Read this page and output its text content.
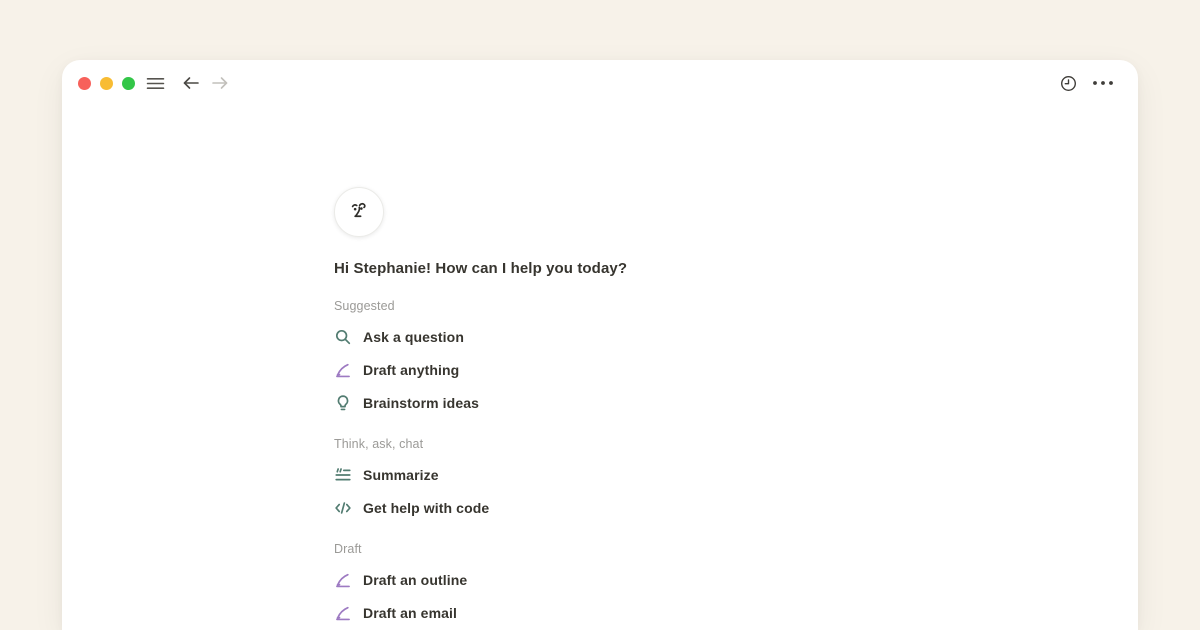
Hi Stephanie! How can I help you today?
Suggested
Ask a question
Draft anything
Brainstorm ideas
Think, ask, chat
Summarize
Get help with code
Draft
Draft an outline
Draft an email
